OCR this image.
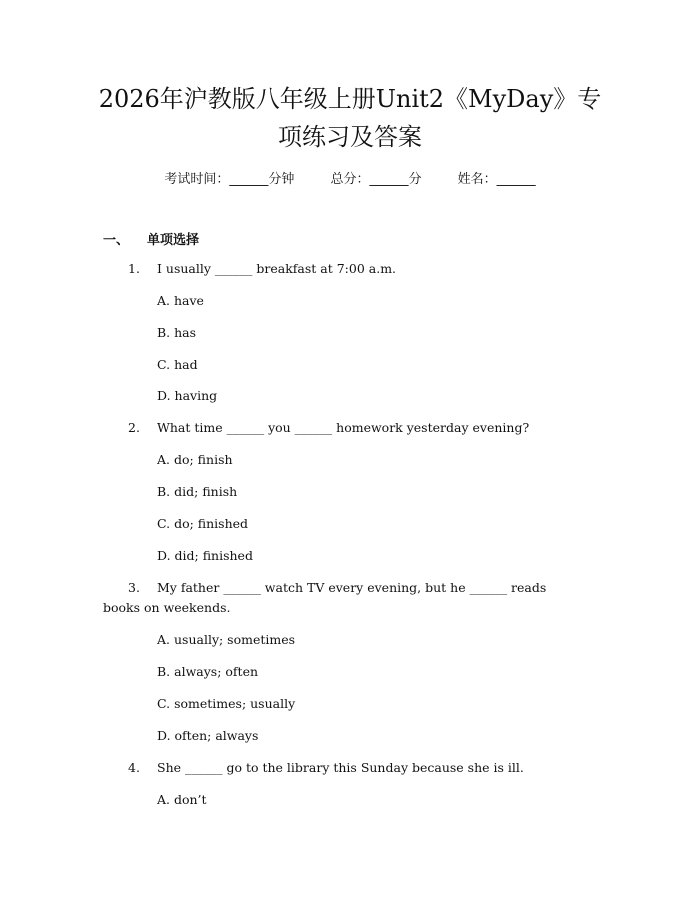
2026年沪教版八年级上册Unit2《MyDay》专
项练习及答案
考试时间：______分钟	总分：______分	姓名：______
一、 单项选择
1. I usually ______ breakfast at 7:00 a.m.
A. have
B. has
C. had
D. having
2. What time ______ you ______ homework yesterday evening?
A. do; finish
B. did; finish
C. do; finished
D. did; finished
3. My father ______ watch TV every evening, but he ______ reads
books on weekends.
A. usually; sometimes
B. always; often
C. sometimes; usually
D. often; always
4. She ______ go to the library this Sunday because she is ill.
A. don’t
